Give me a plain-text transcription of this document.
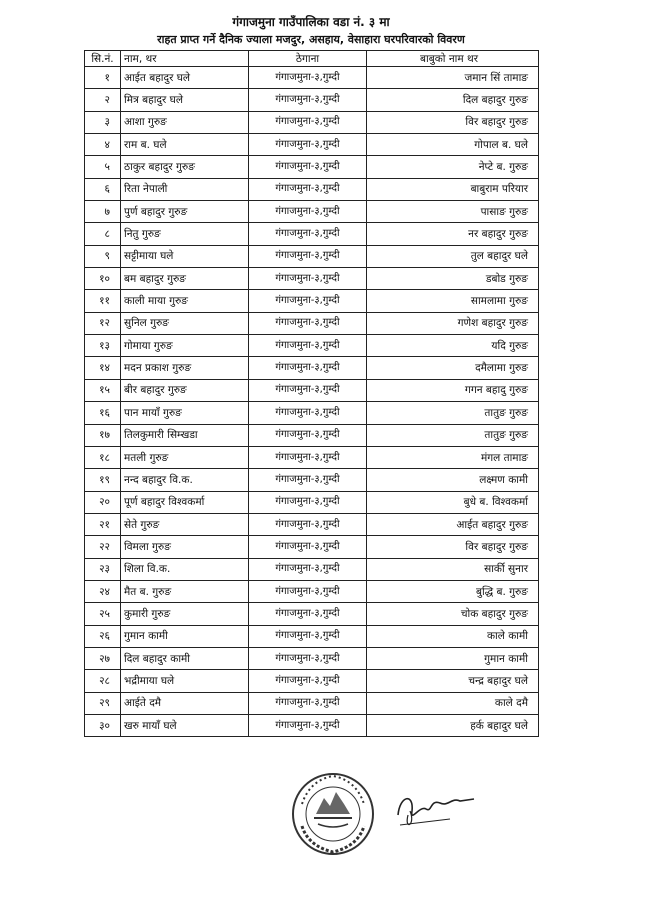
गंगाजमुना गाउँपालिका वडा नं. ३ मा
राहत प्राप्त गर्ने दैनिक ज्याला मजदुर, असहाय, वेसाहारा घरपरिवारको विवरण
सि.नं.	नाम, थर	ठेगाना	बाबुको नाम थर
१	आईत बहादुर घले	गंगाजमुना-३,गुम्दी	जमान सिं तामाङ
२	मित्र बहादुर घले	गंगाजमुना-३,गुम्दी	दिल बहादुर गुरुङ
३	आशा गुरुङ	गंगाजमुना-३,गुम्दी	विर बहादुर गुरुङ
४	राम ब. घले	गंगाजमुना-३,गुम्दी	गोपाल ब. घले
५	ठाकुर बहादुर गुरुङ	गंगाजमुना-३,गुम्दी	नेप्टे ब. गुरुङ
६	रिता नेपाली	गंगाजमुना-३,गुम्दी	बाबुराम परियार
७	पुर्ण बहादुर गुरुङ	गंगाजमुना-३,गुम्दी	पासाङ गुरुङ
८	नितु गुरुङ	गंगाजमुना-३,गुम्दी	नर बहादुर गुरुङ
९	सट्टीमाया घले	गंगाजमुना-३,गुम्दी	तुल बहादुर घले
१०	बम बहादुर गुरुङ	गंगाजमुना-३,गुम्दी	डबोड गुरुङ
११	काली माया गुरुङ	गंगाजमुना-३,गुम्दी	सामलामा गुरुङ
१२	सुनिल गुरुङ	गंगाजमुना-३,गुम्दी	गणेश बहादुर गुरुङ
१३	गोमाया गुरुङ	गंगाजमुना-३,गुम्दी	यदि गुरुङ
१४	मदन प्रकाश गुरुङ	गंगाजमुना-३,गुम्दी	दमैलामा गुरुङ
१५	बीर बहादुर गुरुङ	गंगाजमुना-३,गुम्दी	गगन बहादु गुरुङ
१६	पान मायाँ गुरुङ	गंगाजमुना-३,गुम्दी	तातुङ गुरुङ
१७	तिलकुमारी सिम्खडा	गंगाजमुना-३,गुम्दी	तातुङ गुरुङ
१८	मतली गुरुङ	गंगाजमुना-३,गुम्दी	मंगल तामाङ
१९	नन्द बहादुर वि.क.	गंगाजमुना-३,गुम्दी	लक्ष्मण कामी
२०	पूर्ण बहादुर विश्वकर्मा	गंगाजमुना-३,गुम्दी	बुधे ब. विश्वकर्मा
२१	सेते गुरुङ	गंगाजमुना-३,गुम्दी	आईत बहादुर गुरुङ
२२	विमला गुरुङ	गंगाजमुना-३,गुम्दी	विर बहादुर गुरुङ
२३	शिला वि.क.	गंगाजमुना-३,गुम्दी	सार्की सुनार
२४	मैत ब. गुरुङ	गंगाजमुना-३,गुम्दी	बुद्धि ब. गुरुङ
२५	कुमारी गुरुङ	गंगाजमुना-३,गुम्दी	चोक बहादुर गुरुङ
२६	गुमान कामी	गंगाजमुना-३,गुम्दी	काले कामी
२७	दिल बहादुर कामी	गंगाजमुना-३,गुम्दी	गुमान कामी
२८	भद्रीमाया घले	गंगाजमुना-३,गुम्दी	चन्द्र बहादुर घले
२९	आईते दमै	गंगाजमुना-३,गुम्दी	काले दमै
३०	खरु मायाँ घले	गंगाजमुना-३,गुम्दी	हर्क बहादुर घले
